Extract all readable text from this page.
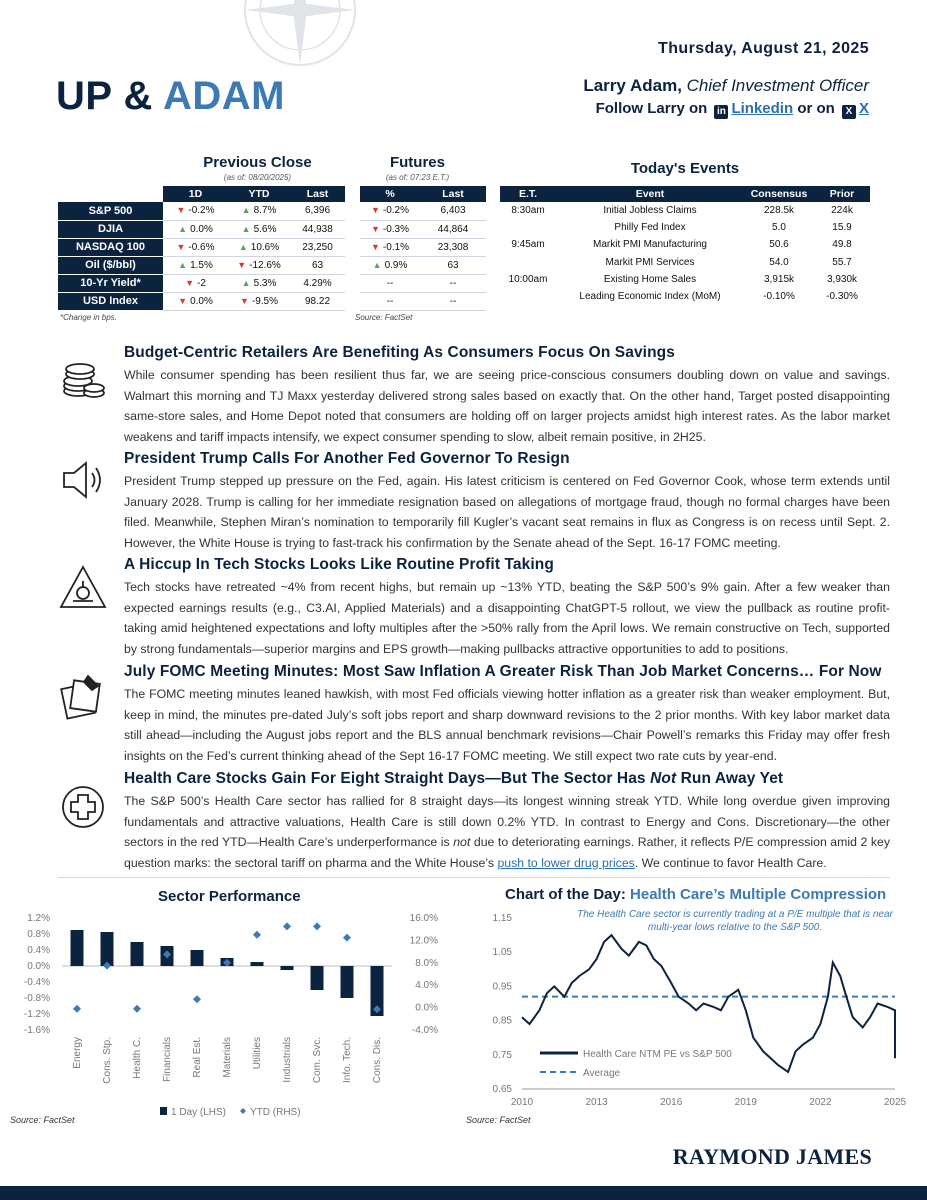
Thursday, August 21, 2025
UP & ADAM	Larry Adam, Chief Investment Officer
Follow Larry on in Linkedin or on X X
Previous Close
(as of: 08/20/2025)
Futures
(as of: 07:23 E.T.)
	1D	YTD	Last		%	Last
S&P 500	▼ -0.2%	▲ 8.7%	6,396		▼ -0.2%	6,403
DJIA	▲ 0.0%	▲ 5.6%	44,938		▼ -0.3%	44,864
NASDAQ 100	▼ -0.6%	▲ 10.6%	23,250		▼ -0.1%	23,308
Oil ($/bbl)	▲ 1.5%	▼ -12.6%	63		▲ 0.9%	63
10-Yr Yield*	▼ -2	▲ 5.3%	4.29%		--	--
USD Index	▼ 0.0%	▼ -9.5%	98.22		--	--
*Change in bps.	Source: FactSet
Today's Events
E.T.	Event	Consensus	Prior
8:30am	Initial Jobless Claims	228.5k	224k
	Philly Fed Index	5.0	15.9
9:45am	Markit PMI Manufacturing	50.6	49.8
	Markit PMI Services	54.0	55.7
10:00am	Existing Home Sales	3,915k	3,930k
	Leading Economic Index (MoM)	-0.10%	-0.30%
Budget-Centric Retailers Are Benefiting As Consumers Focus On Savings

While consumer spending has been resilient thus far, we are seeing price-conscious consumers doubling down on value and savings. Walmart this morning and TJ Maxx yesterday delivered strong sales based on exactly that. On the other hand, Target posted disappointing same-store sales, and Home Depot noted that consumers are holding off on larger projects amidst high interest rates. As the labor market weakens and tariff impacts intensify, we expect consumer spending to slow, albeit remain positive, in 2H25.

President Trump Calls For Another Fed Governor To Resign

President Trump stepped up pressure on the Fed, again. His latest criticism is centered on Fed Governor Cook, whose term extends until January 2028. Trump is calling for her immediate resignation based on allegations of mortgage fraud, though no formal charges have been filed. Meanwhile, Stephen Miran’s nomination to temporarily fill Kugler’s vacant seat remains in flux as Congress is on recess until Sept. 2. However, the White House is trying to fast-track his confirmation by the Senate ahead of the Sept. 16-17 FOMC meeting.

A Hiccup In Tech Stocks Looks Like Routine Profit Taking

Tech stocks have retreated ~4% from recent highs, but remain up ~13% YTD, beating the S&P 500’s 9% gain. After a few weaker than expected earnings results (e.g., C3.AI, Applied Materials) and a disappointing ChatGPT-5 rollout, we view the pullback as routine profit-taking amid heightened expectations and lofty multiples after the >50% rally from the April lows. We remain constructive on Tech, supported by strong fundamentals—superior margins and EPS growth—making pullbacks attractive opportunities to add to positions.

July FOMC Meeting Minutes: Most Saw Inflation A Greater Risk Than Job Market Concerns… For Now

The FOMC meeting minutes leaned hawkish, with most Fed officials viewing hotter inflation as a greater risk than weaker employment. But, keep in mind, the minutes pre-dated July’s soft jobs report and sharp downward revisions to the 2 prior months. With key labor market data still ahead—including the August jobs report and the BLS annual benchmark revisions—Chair Powell’s remarks this Friday may offer fresh insights on the Fed’s current thinking ahead of the Sept 16-17 FOMC meeting. We still expect two rate cuts by year-end.

Health Care Stocks Gain For Eight Straight Days—But The Sector Has Not Run Away Yet

The S&P 500’s Health Care sector has rallied for 8 straight days—its longest winning streak YTD. While long overdue given improving fundamentals and attractive valuations, Health Care is still down 0.2% YTD. In contrast to Energy and Cons. Discretionary—the other sectors in the red YTD—Health Care’s underperformance is not due to deteriorating earnings. Rather, it reflects P/E compression amid 2 key question marks: the sectoral tariff on pharma and the White House’s push to lower drug prices. We continue to favor Health Care.

Sector Performance
1.2%
0.8%
0.4%
0.0%
-0.4%
-0.8%
-1.2%
-1.6%
16.0%
12.0%
8.0%
4.0%
0.0%
-4.0%
Energy Cons. Stp. Health C. Financials Real Est. Materials Utilities Industrials Com. Svc. Info. Tech. Cons. Dis.
1 Day (LHS) YTD (RHS)
Source: FactSet
Chart of the Day: Health Care’s Multiple Compression
1.15
1.05
0.95
0.85
0.75
0.65
2010	2013	2016	2019	2022	2025
Health Care NTM PE vs S&P 500
Average
The Health Care sector is currently trading at a P/E multiple that is near multi-year lows relative to the S&P 500.
Source: FactSet
RAYMOND JAMES
